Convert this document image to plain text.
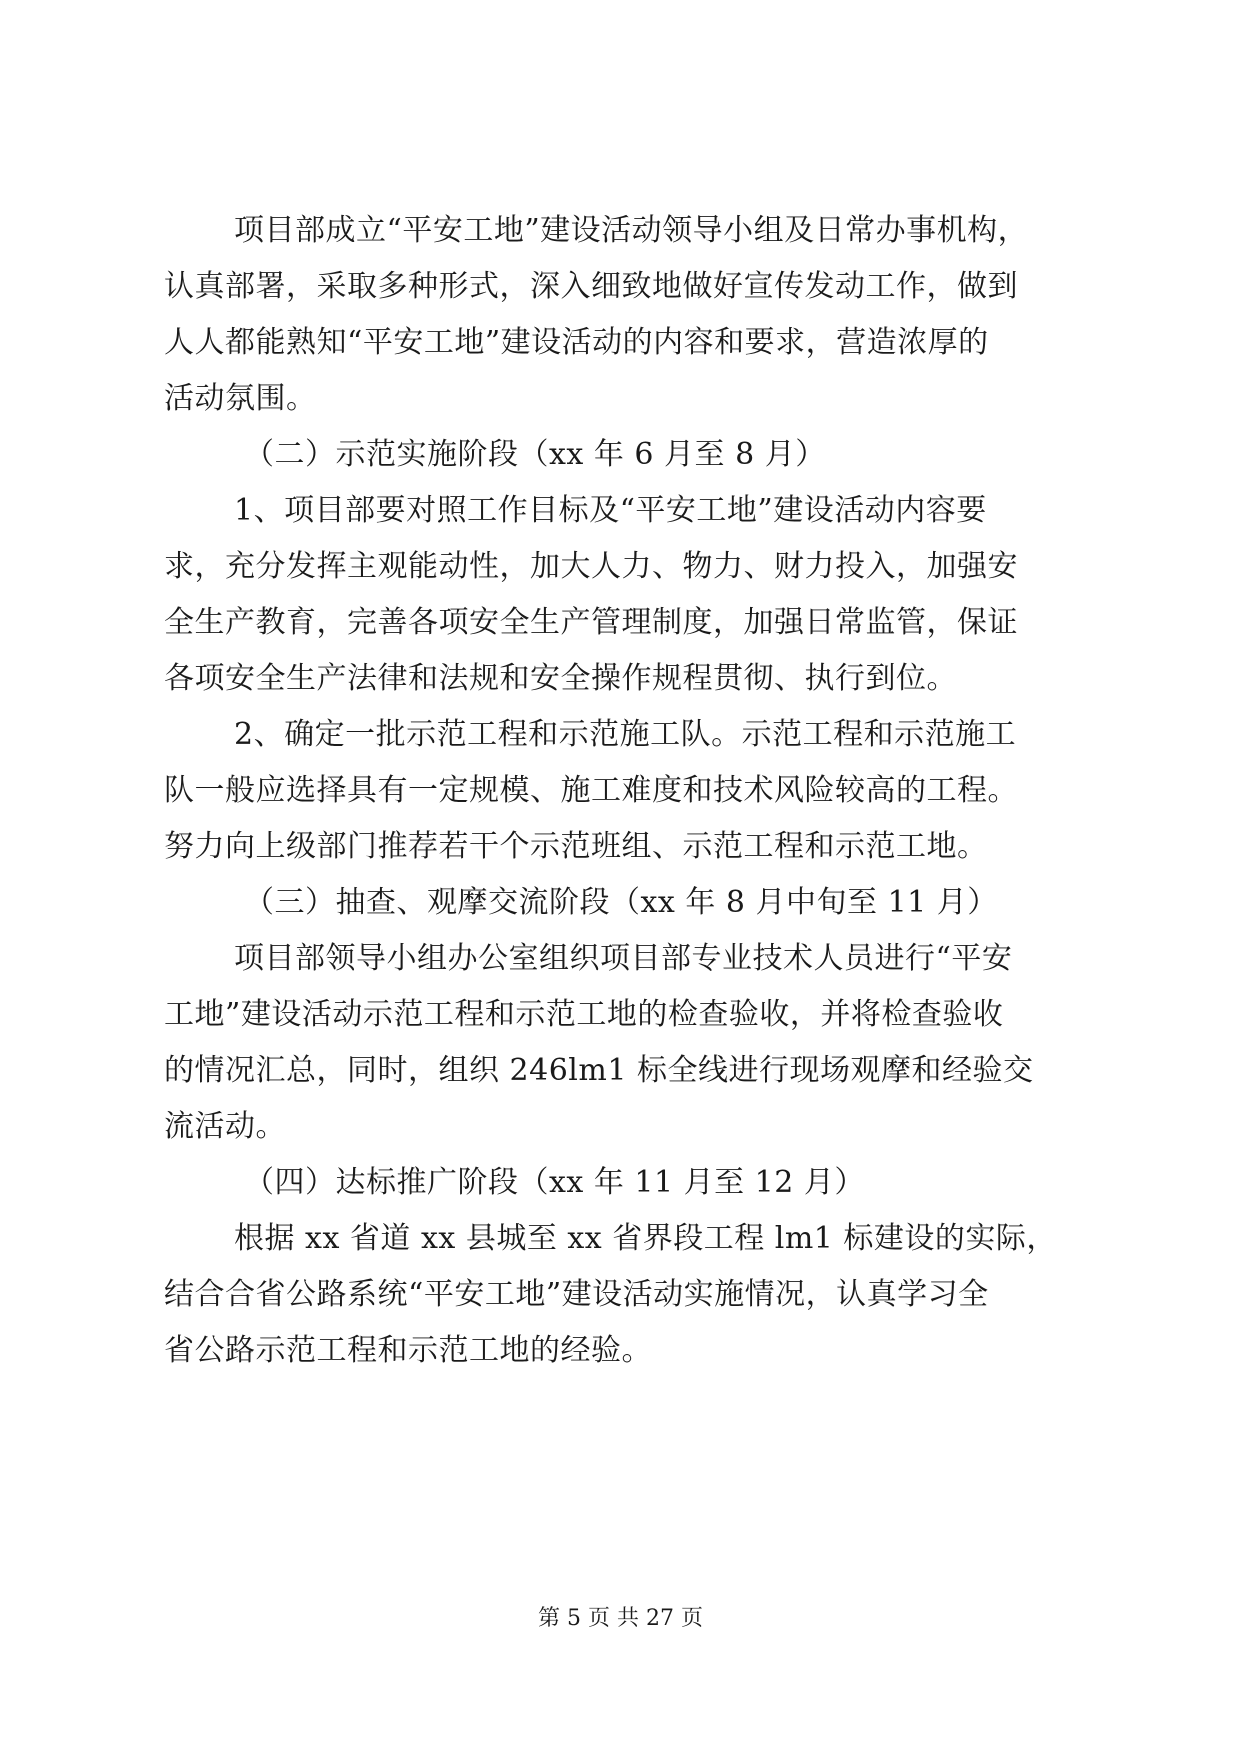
项目部成立“平安工地”建设活动领导小组及日常办事机构，
认真部署，采取多种形式，深入细致地做好宣传发动工作，做到
人人都能熟知“平安工地”建设活动的内容和要求，营造浓厚的
活动氛围。
（二）示范实施阶段（xx 年 6 月至 8 月）
1、项目部要对照工作目标及“平安工地”建设活动内容要
求，充分发挥主观能动性，加大人力、物力、财力投入，加强安
全生产教育，完善各项安全生产管理制度，加强日常监管，保证
各项安全生产法律和法规和安全操作规程贯彻、执行到位。
2、确定一批示范工程和示范施工队。示范工程和示范施工
队一般应选择具有一定规模、施工难度和技术风险较高的工程。
努力向上级部门推荐若干个示范班组、示范工程和示范工地。
（三）抽查、观摩交流阶段（xx 年 8 月中旬至 11 月）
项目部领导小组办公室组织项目部专业技术人员进行“平安
工地”建设活动示范工程和示范工地的检查验收，并将检查验收
的情况汇总，同时，组织 246lm1 标全线进行现场观摩和经验交
流活动。
（四）达标推广阶段（xx 年 11 月至 12 月）
根据 xx 省道 xx 县城至 xx 省界段工程 lm1 标建设的实际，
结合合省公路系统“平安工地”建设活动实施情况，认真学习全
省公路示范工程和示范工地的经验。
第 5 页 共 27 页
